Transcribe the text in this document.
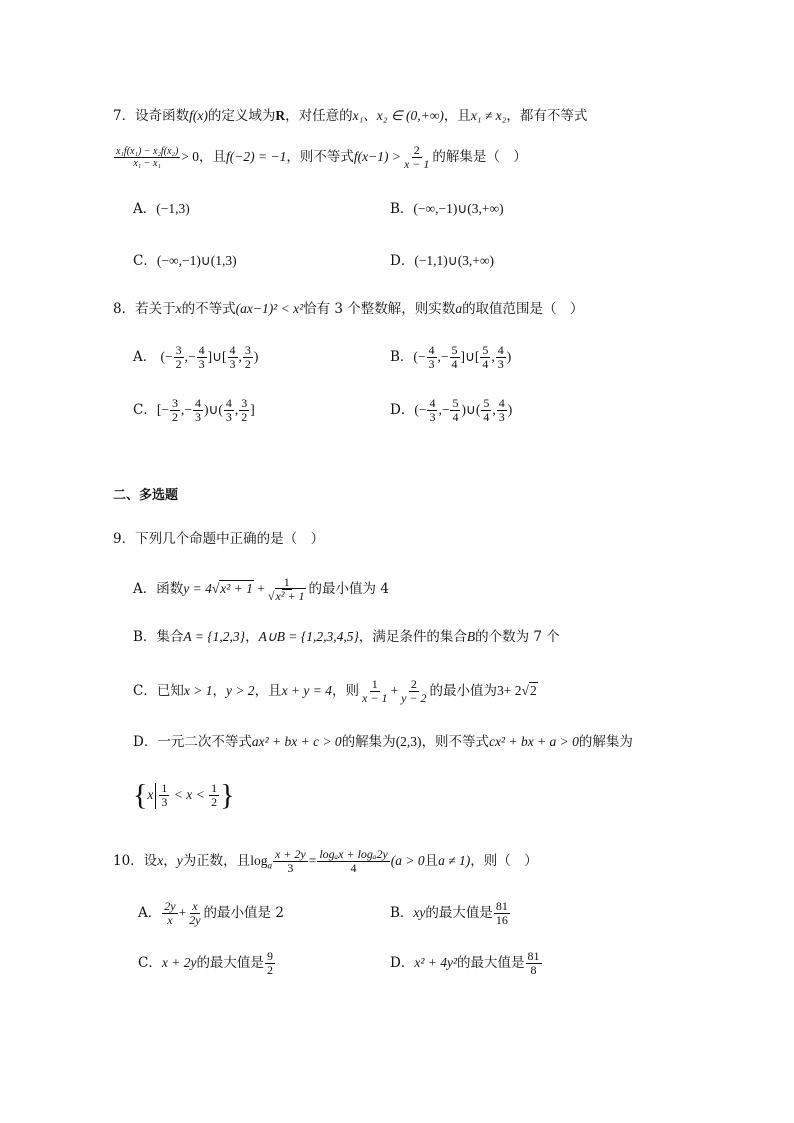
7．设奇函数f(x)的定义域为R，对任意的x₁、x₂ ∈ (0,+∞)，且x₁ ≠ x₂，都有不等式
$\frac{\text{x₁f(x₁) − x₂f(x₂)}}{\text{x₁ − x₁}} > 0$，且f(−2) = −1，则不等式$f(x-1) > \frac{2}{x - 1}$ 的解集是（　）
A．(−1,3)	B．(−∞,−1)∪(3,+∞)
C．(−∞,−1)∪(1,3)	D．(−1,1)∪(3,+∞)
8．若关于x的不等式(ax−1)² < x²恰有 3 个整数解，则实数a的取值范围是（　）
A． (− $\frac{3}{2}$ ,− $\frac{4}{3}$ ]∪[ $\frac{4}{3}$ , $\frac{3}{2}$ )	B．(− $\frac{4}{3}$ ,− $\frac{5}{4}$ ]∪[ $\frac{5}{4}$ , $\frac{4}{3}$ )
C．[− $\frac{3}{2}$ ,− $\frac{4}{3}$ )∪( $\frac{4}{3}$ , $\frac{3}{2}$ ]	D．(− $\frac{4}{3}$ ,− $\frac{5}{4}$ )∪( $\frac{5}{4}$ , $\frac{4}{3}$ )
二、多选题
9．下列几个命题中正确的是（　）
A．函数$y = 4√x^2 + 1 + \frac{1}{\text{√x² + 1}}$ 的最小值为 4
B．集合A = {1,2,3}，A∪B = {1,2,3,4,5}，满足条件的集合B的个数为 7 个
C．已知x > 1，y > 2，且x + y = 4，则 $\frac{1}{x - 1} + \frac{2}{y - 2}$ 的最小值为3+ 2√2
D．一元二次不等式ax² + bx + c > 0的解集为(2,3)，则不等式cx² + bx + a > 0的解集为
{$x \frac{1}{3} < x < \frac{1}{2}$ }
10．设x，y为正数，且$\log_a \frac{x + 2y}{3} = \frac{\text{logₐx + logₐ2y}}{4} (a > 0$且a ≠ 1)，则（　）
A． $\frac{2y}{x} + \frac{x}{2y}$ 的最小值是 2	B．xy的最大值是 $\frac{81}{16}$
C．x + 2y的最大值是 $\frac{9}{2}$	D．x² + 4y²的最大值是 $\frac{81}{8}$
